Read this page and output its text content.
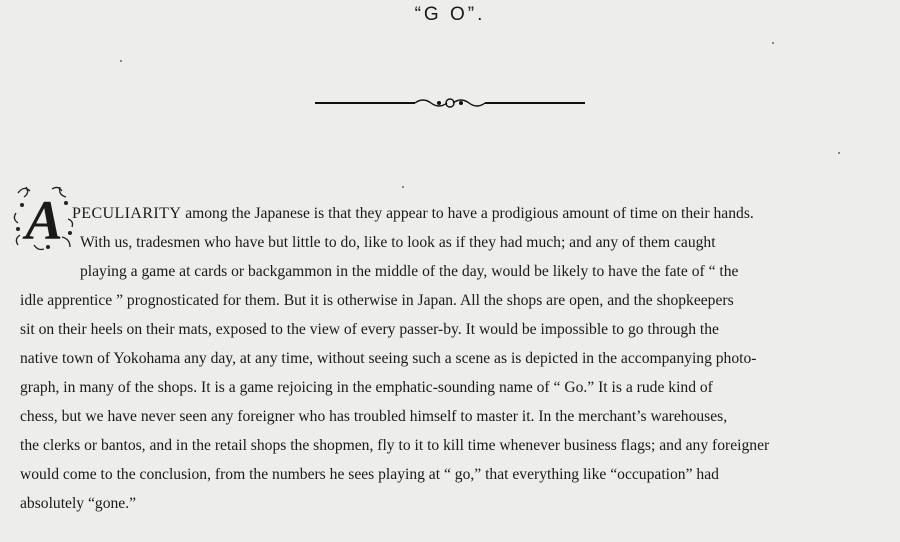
“G O”.
A PECULIARITY among the Japanese is that they appear to have a prodigious amount of time on their hands.
With us, tradesmen who have but little to do, like to look as if they had much; and any of them caught
playing a game at cards or backgammon in the middle of the day, would be likely to have the fate of “ the
idle apprentice ” prognosticated for them. But it is otherwise in Japan. All the shops are open, and the shopkeepers
sit on their heels on their mats, exposed to the view of every passer-by. It would be impossible to go through the
native town of Yokohama any day, at any time, without seeing such a scene as is depicted in the accompanying photo-
graph, in many of the shops. It is a game rejoicing in the emphatic-sounding name of “ Go.” It is a rude kind of
chess, but we have never seen any foreigner who has troubled himself to master it. In the merchant’s warehouses,
the clerks or bantos, and in the retail shops the shopmen, fly to it to kill time whenever business flags; and any foreigner
would come to the conclusion, from the numbers he sees playing at “ go,” that everything like “occupation” had
absolutely “gone.”
